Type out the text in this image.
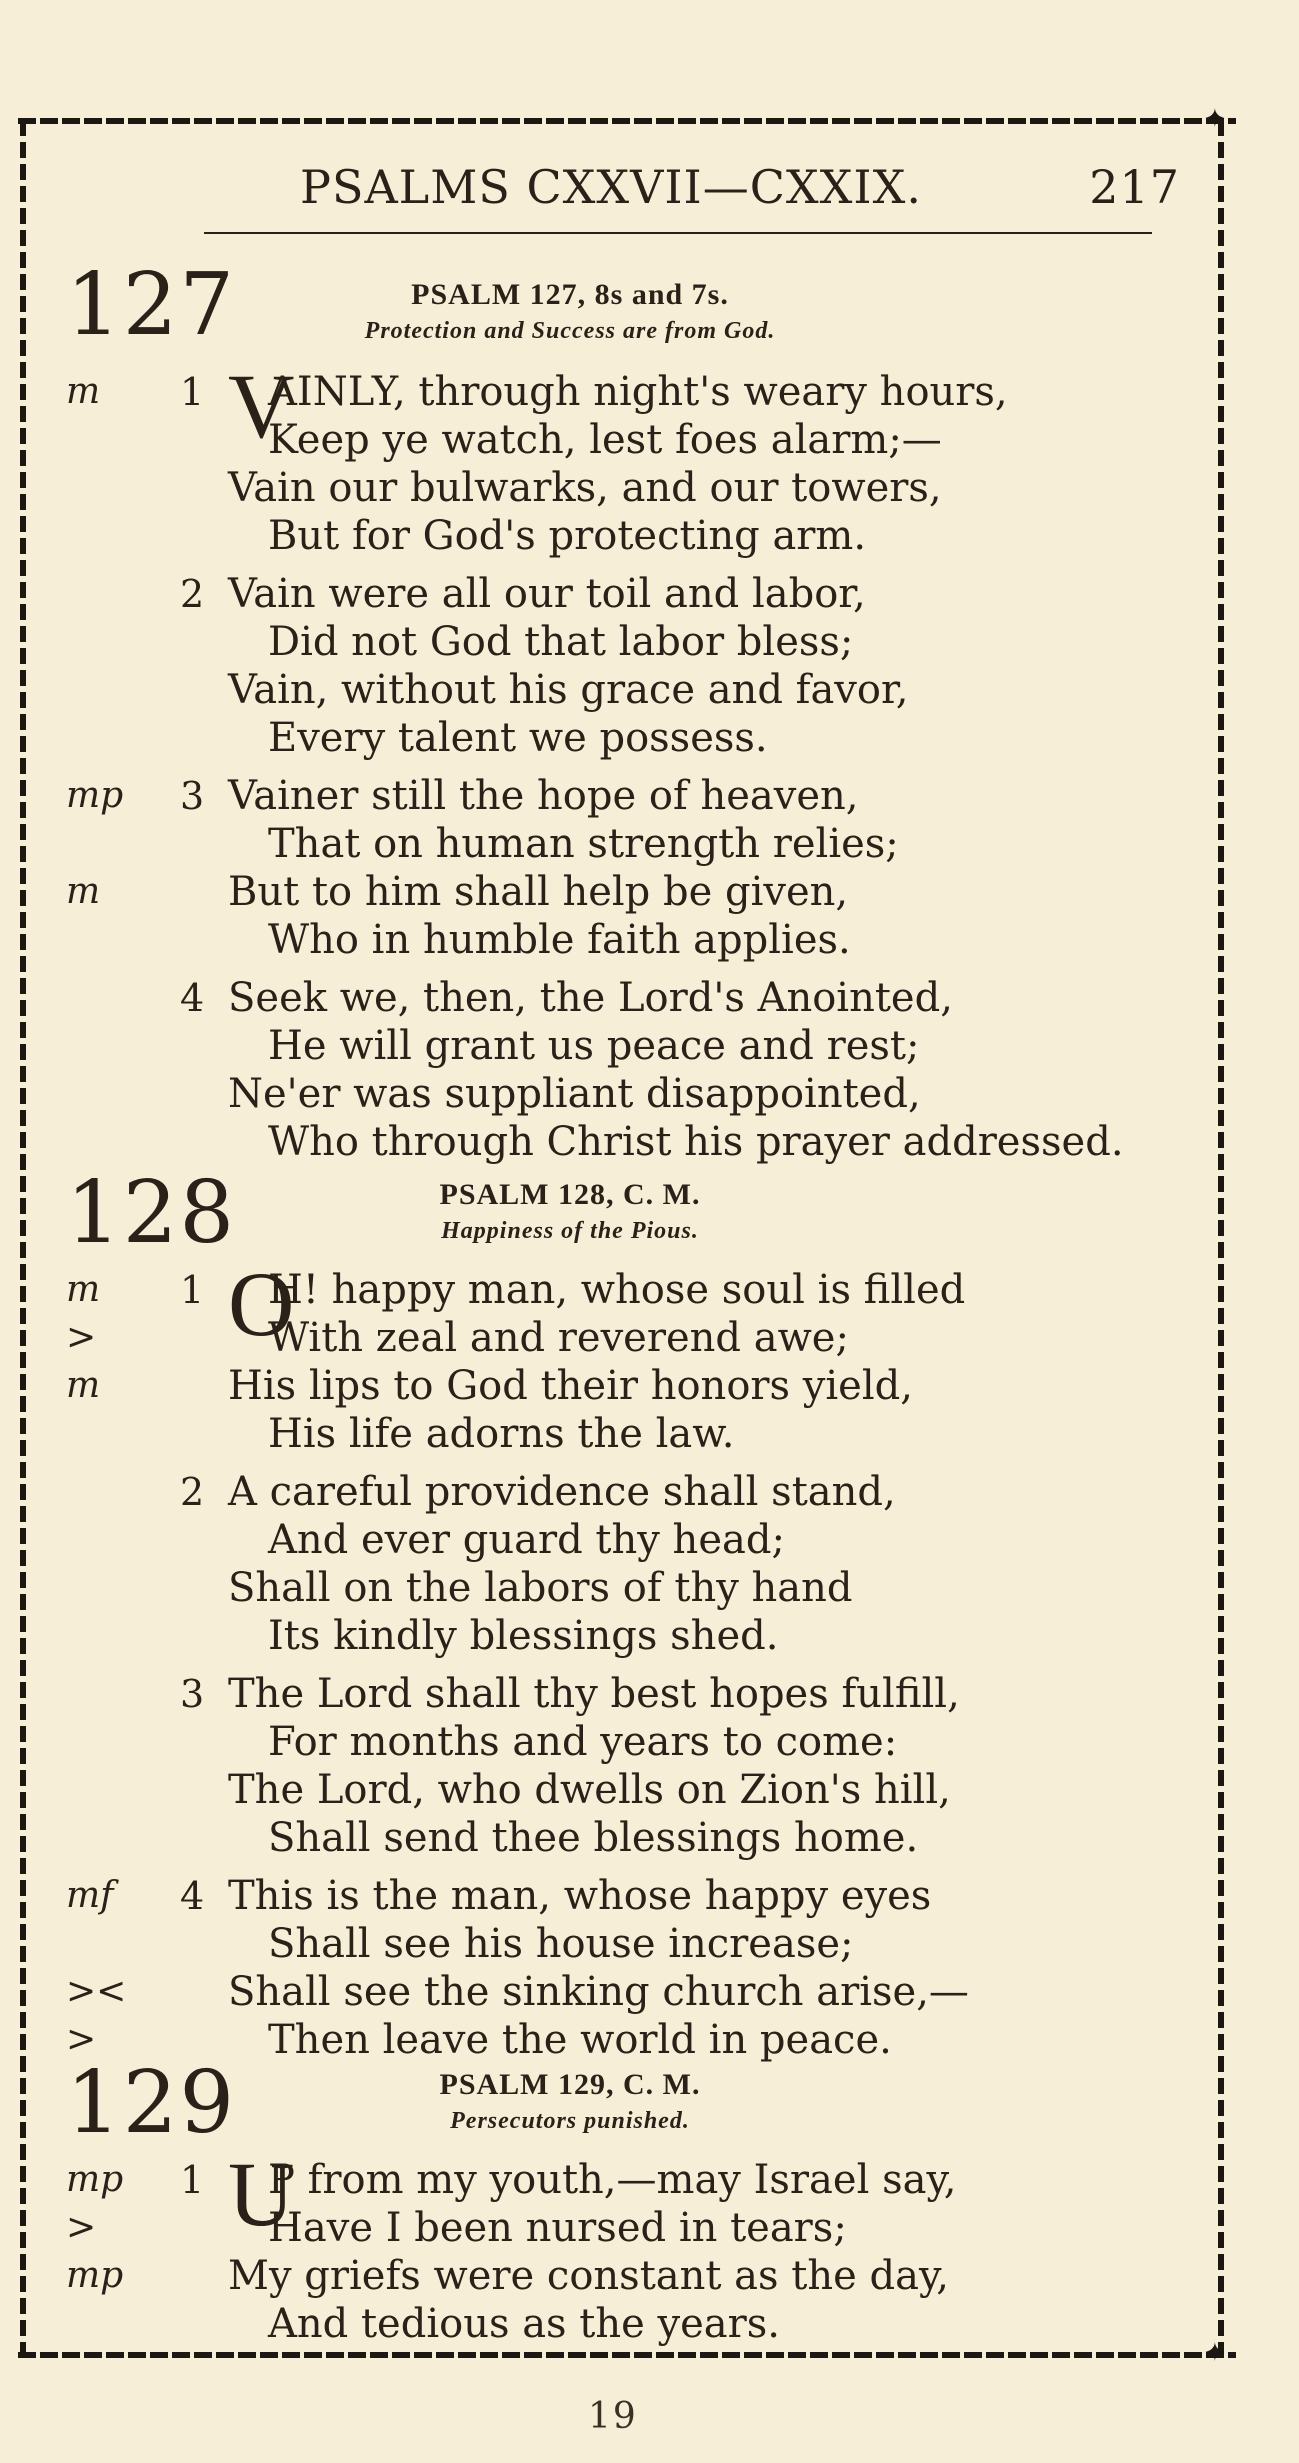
✦
✦
PSALMS CXXVII—CXXIX.	217
127	PSALM 127, 8s and 7s.
Protection and Success are from God.
m 1 V
AINLY, through night's weary hours,
Keep ye watch, lest foes alarm;—
Vain our bulwarks, and our towers,
But for God's protecting arm.
2 Vain were all our toil and labor,
Did not God that labor bless;
Vain, without his grace and favor,
Every talent we possess.
mp 3 Vainer still the hope of heaven,
That on human strength relies;
m	But to him shall help be given,
Who in humble faith applies.
4 Seek we, then, the Lord's Anointed,
He will grant us peace and rest;
Ne'er was suppliant disappointed,
Who through Christ his prayer addressed.
128	PSALM 128, C. M.
Happiness of the Pious.
m 1 O
H! happy man, whose soul is filled
>	With zeal and reverend awe;
m	His lips to God their honors yield,
His life adorns the law.
2 A careful providence shall stand,
And ever guard thy head;
Shall on the labors of thy hand
Its kindly blessings shed.
3 The Lord shall thy best hopes fulfill,
For months and years to come:
The Lord, who dwells on Zion's hill,
Shall send thee blessings home.
mf 4 This is the man, whose happy eyes
Shall see his house increase;
><	Shall see the sinking church arise,—
>	Then leave the world in peace.
129	PSALM 129, C. M.
Persecutors punished.
mp 1 U
P from my youth,—may Israel say,
>	Have I been nursed in tears;
mp	My griefs were constant as the day,
And tedious as the years.
19
